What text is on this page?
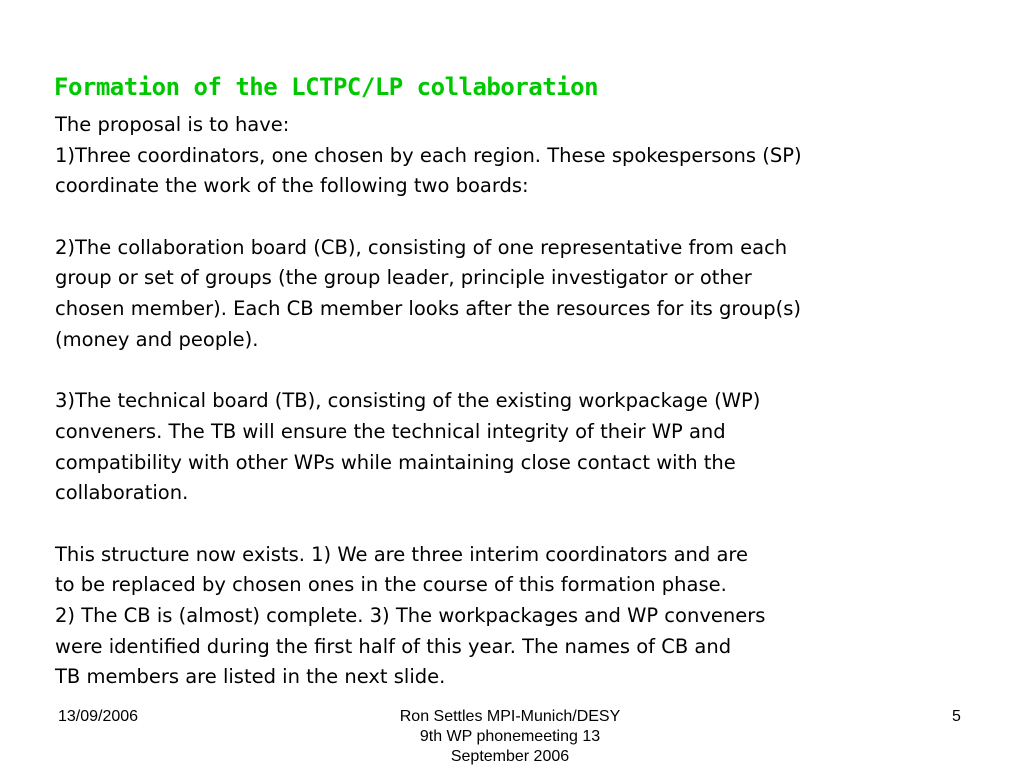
Formation of the LCTPC/LP collaboration
The proposal is to have:
1)Three coordinators, one chosen by each region. These spokespersons (SP)
coordinate the work of the following two boards:
2)The collaboration board (CB), consisting of one representative from each
group or set of groups (the group leader, principle investigator or other
chosen member). Each CB member looks after the resources for its group(s)
(money and people).
3)The technical board (TB), consisting of the existing workpackage (WP)
conveners. The TB will ensure the technical integrity of their WP and
compatibility with other WPs while maintaining close contact with the
collaboration.
This structure now exists. 1) We are three interim coordinators and are
to be replaced by chosen ones in the course of this formation phase.
2) The CB is (almost) complete. 3) The workpackages and WP conveners
were identified during the first half of this year. The names of CB and
TB members are listed in the next slide.
13/09/2006	Ron Settles MPI-Munich/DESY
9th WP phonemeeting 13
September 2006
5
